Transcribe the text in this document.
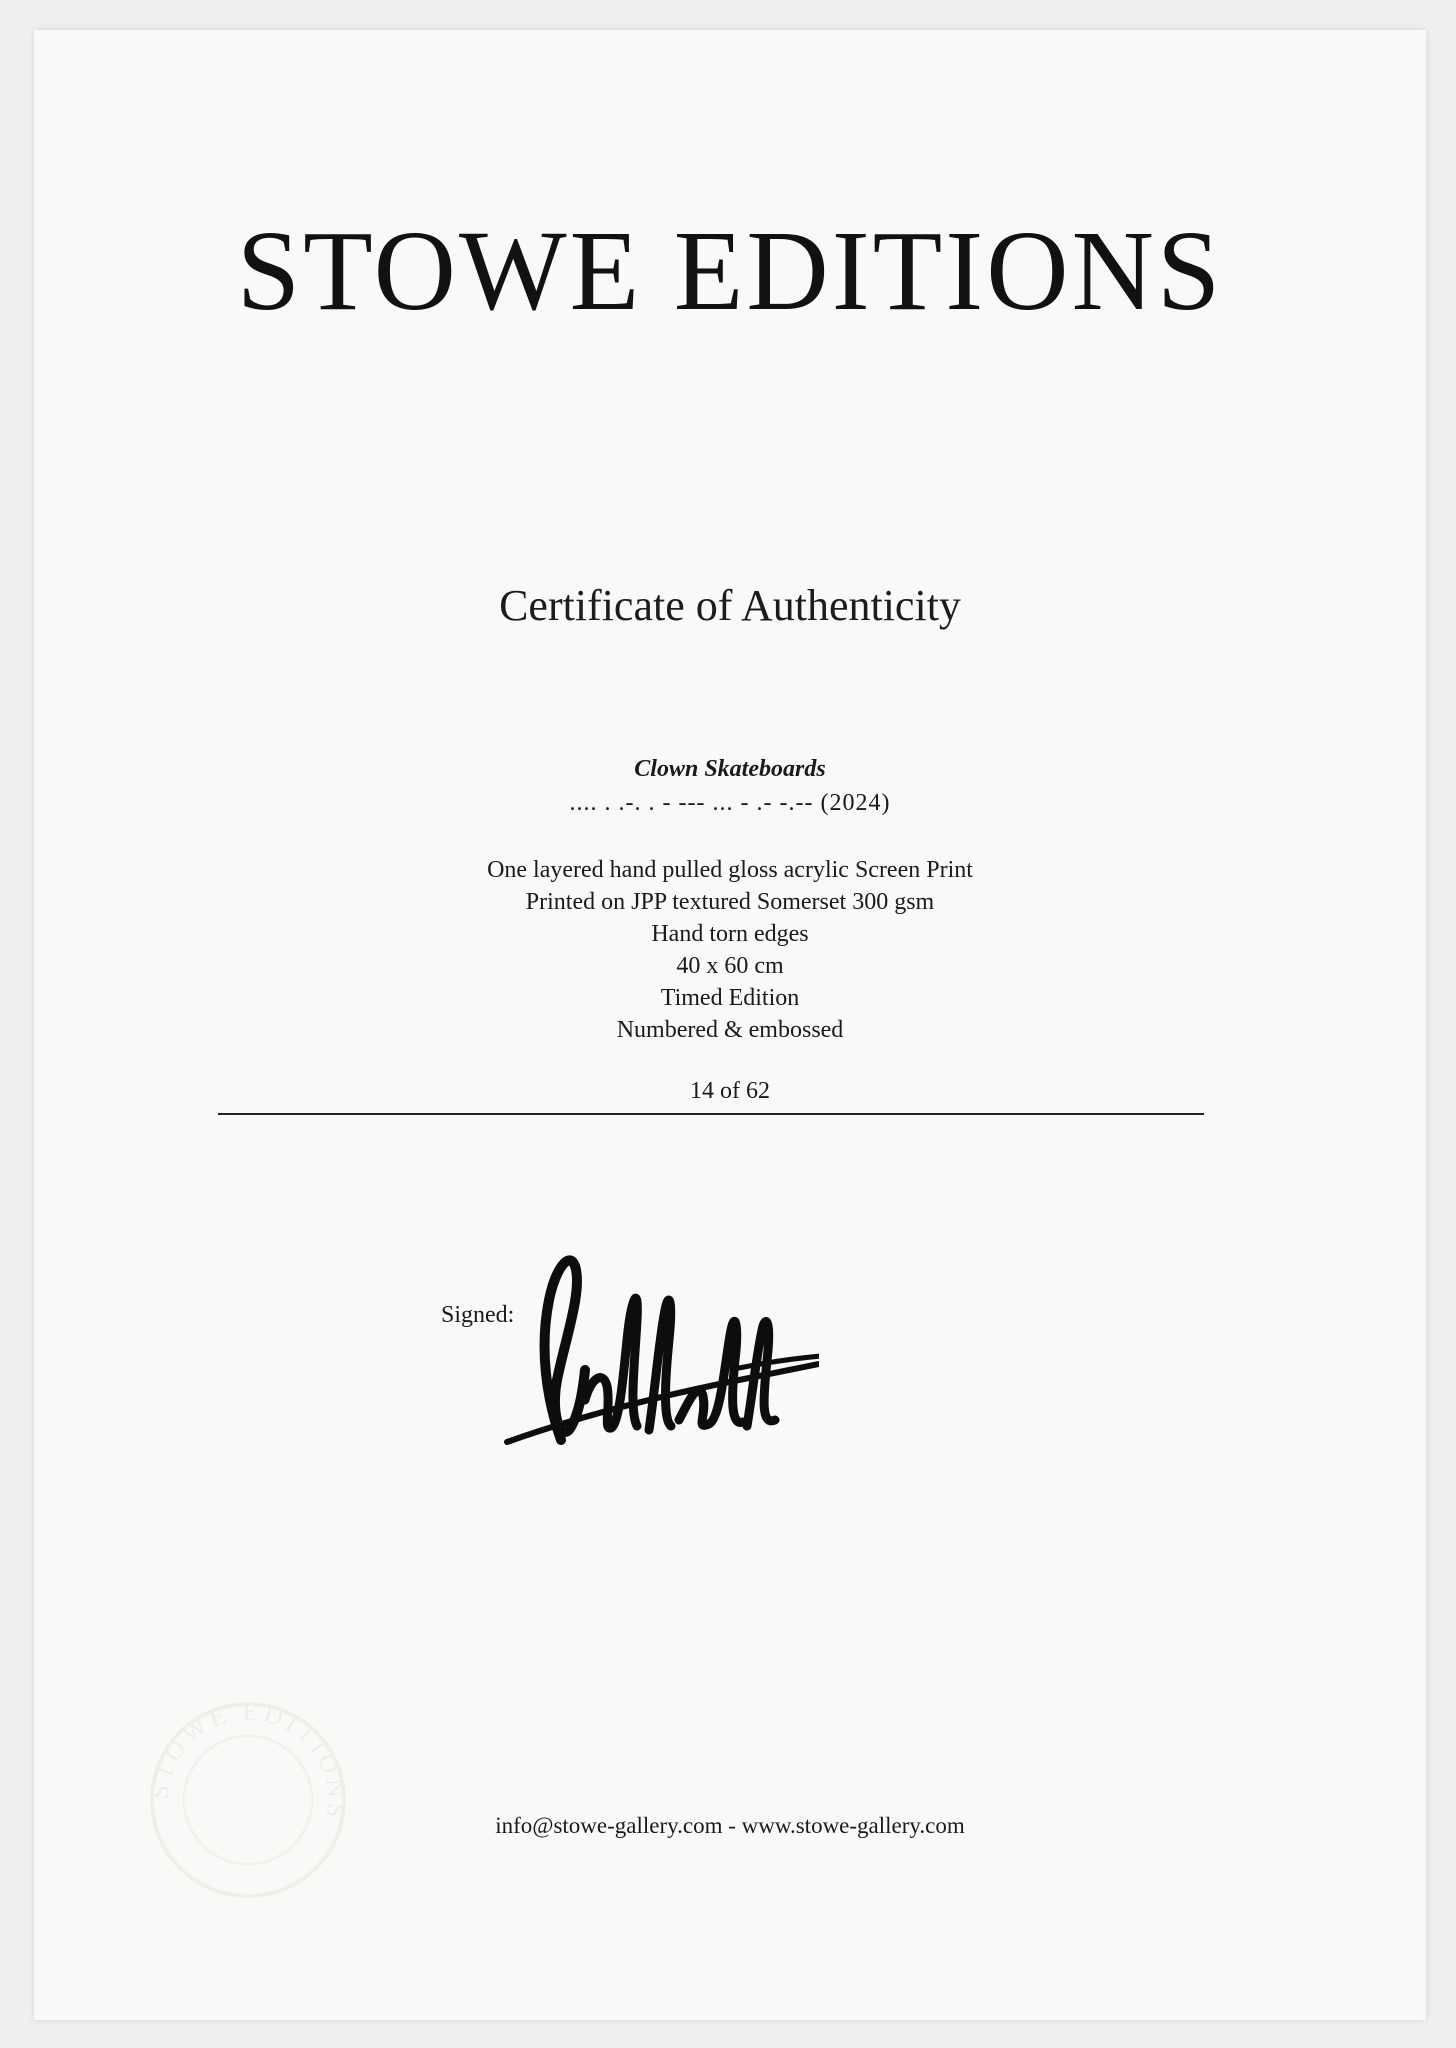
STOWE EDITIONS
Certificate of Authenticity
Clown Skateboards
.... . .-. . - --- ... - .- -.-- (2024)
One layered hand pulled gloss acrylic Screen Print
Printed on JPP textured Somerset 300 gsm
Hand torn edges
40 x 60 cm
Timed Edition
Numbered & embossed
14 of 62
Signed:
info@stowe-gallery.com - www.stowe-gallery.com
STOWE EDITIONS
